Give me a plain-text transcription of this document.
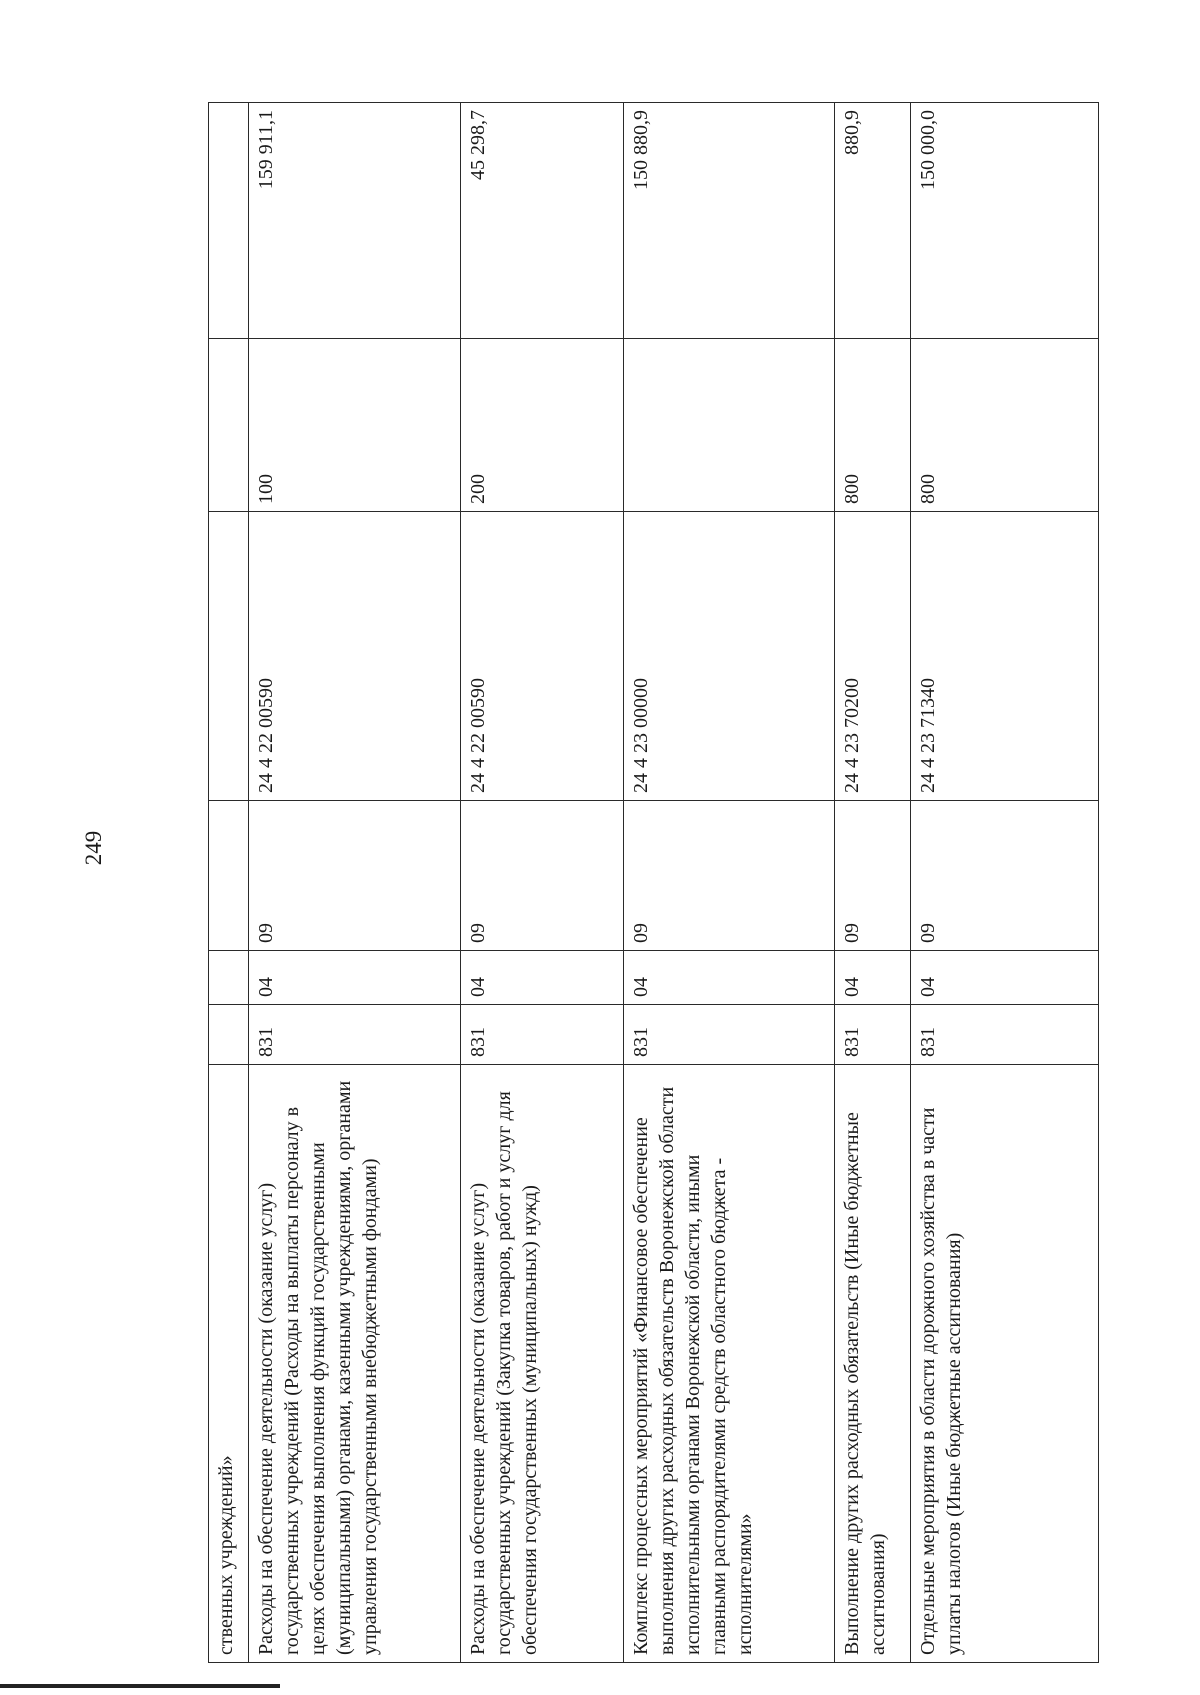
249
ственных учреждений»						
Расходы на обеспечение деятельности (оказание услуг) государственных учреждений (Расходы на выплаты персоналу в целях обеспечения выполнения функций государственными (муниципальными) органами, казенными учреждениями, органами управления государственными внебюджетными фондами)	831	04	09	24 4 22 00590	100	159 911,1
Расходы на обеспечение деятельности (оказание услуг) государственных учреждений (Закупка товаров, работ и услуг для обеспечения государственных (муниципальных) нужд)	831	04	09	24 4 22 00590	200	45 298,7
Комплекс процессных мероприятий «Финансовое обеспечение выполнения других расходных обязательств Воронежской области исполнительными органами Воронежской области, иными главными распорядителями средств областного бюджета - исполнителями»	831	04	09	24 4 23 00000		150 880,9
Выполнение других расходных обязательств (Иные бюджетные ассигнования)	831	04	09	24 4 23 70200	800	880,9
Отдельные мероприятия в области дорожного хозяйства в части уплаты налогов (Иные бюджетные ассигнования)	831	04	09	24 4 23 71340	800	150 000,0
